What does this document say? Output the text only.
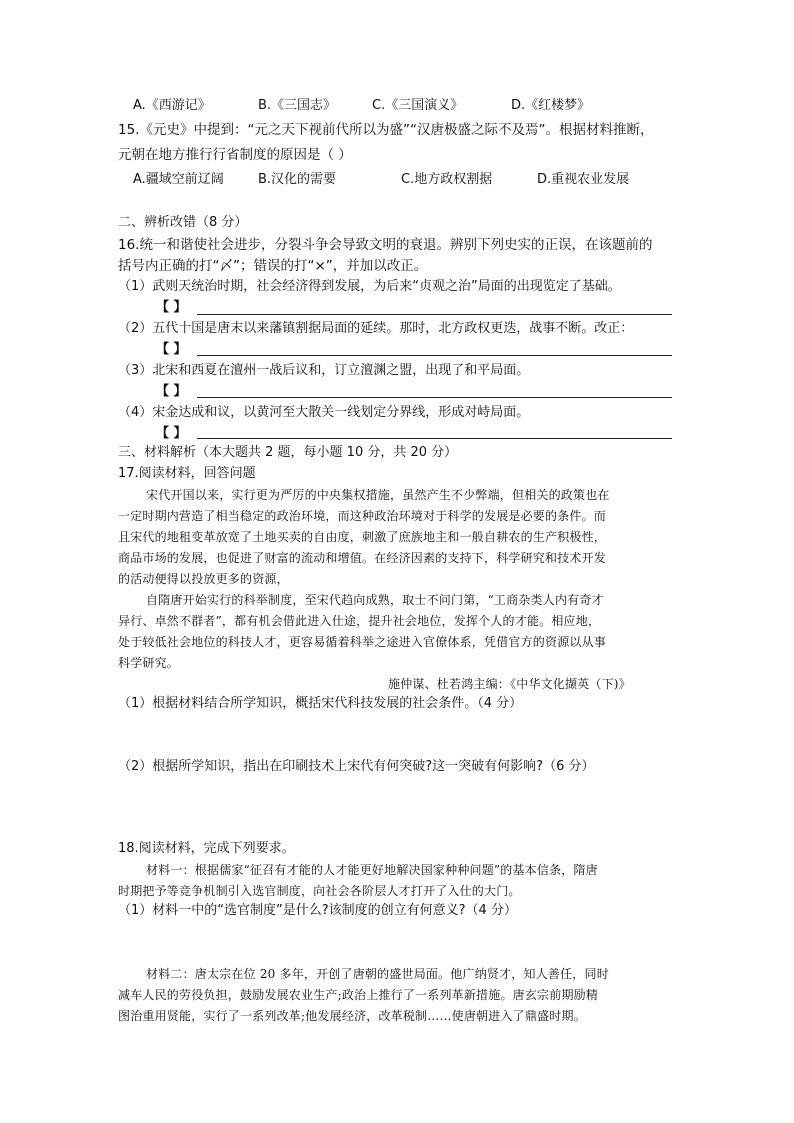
A.《西游记》	B.《三国志》	C.《三国演义》	D.《红楼梦》
15.《元史》中提到：“元之天下视前代所以为盛”“汉唐极盛之际不及焉”。根据材料推断，
元朝在地方推行行省制度的原因是（ ）
A.疆域空前辽阔	B.汉化的需要	C.地方政权割据	D.重视农业发展
二、辨析改错（8 分）
16.统一和谐使社会进步，分裂斗争会导致文明的衰退。辨别下列史实的正误，在该题前的
括号内正确的打“〆”；错误的打“×”，并加以改正。
（1）武则天统治时期，社会经济得到发展，为后来“贞观之治”局面的出现览定了基础。
【 】
（2）五代十国是唐末以来藩镇割据局面的延续。那时，北方政权更迭，战事不断。改正：
【 】
（3）北宋和西夏在澶州一战后议和，订立澶渊之盟，出现了和平局面。
【 】
（4）宋金达成和议，以黄河至大散关一线划定分界线，形成对峙局面。
【 】
三、材料解析（本大题共 2 题，每小题 10 分，共 20 分）
17.阅读材料，回答问题
宋代开国以来，实行更为严厉的中央集权措施，虽然产生不少弊端，但相关的政策也在
一定时期内营造了相当稳定的政治环境，而这种政治环境对于科学的发展是必要的条件。而
且宋代的地租变革放宽了土地买卖的自由度，刺激了庶族地主和一般自耕农的生产积极性，
商品市场的发展，也促进了财富的流动和增值。在经济因素的支持下，科学研究和技术开发
的活动便得以投放更多的资源，
自隋唐开始实行的科举制度，至宋代趋向成熟，取士不问门第，“工商杂类人内有奇才
异行、卓然不群者”，都有机会借此进入仕途，提升社会地位，发挥个人的才能。相应地，
处于较低社会地位的科技人才，更容易循着科举之途进入官僚体系，凭借官方的资源以从事
科学研究。
施仲谋、杜若鸿主编：《中华文化撷英（下)》
（1）根据材料结合所学知识，概括宋代科技发展的社会条件。（4 分）
（2）根据所学知识，指出在印刷技术上宋代有何突破?这一突破有何影响?（6 分）
18.阅读材料，完成下列要求。
材料一：根据儒家“征召有才能的人才能更好地解决国家种种问题”的基本信条，隋唐
时期把予等竞争机制引入选官制度，向社会各阶层人才打开了入仕的大门。
（1）材料一中的“选官制度”是什么?该制度的创立有何意义?（4 分）
材料二：唐太宗在位 20 多年，开创了唐朝的盛世局面。他广纳贤才，知人善任，同时
减车人民的劳役负担，鼓励发展农业生产;政治上推行了一系列革新措施。唐玄宗前期励精
图治重用贤能，实行了一系列改革;他发展经济，改革税制……使唐朝进入了鼎盛时期。
